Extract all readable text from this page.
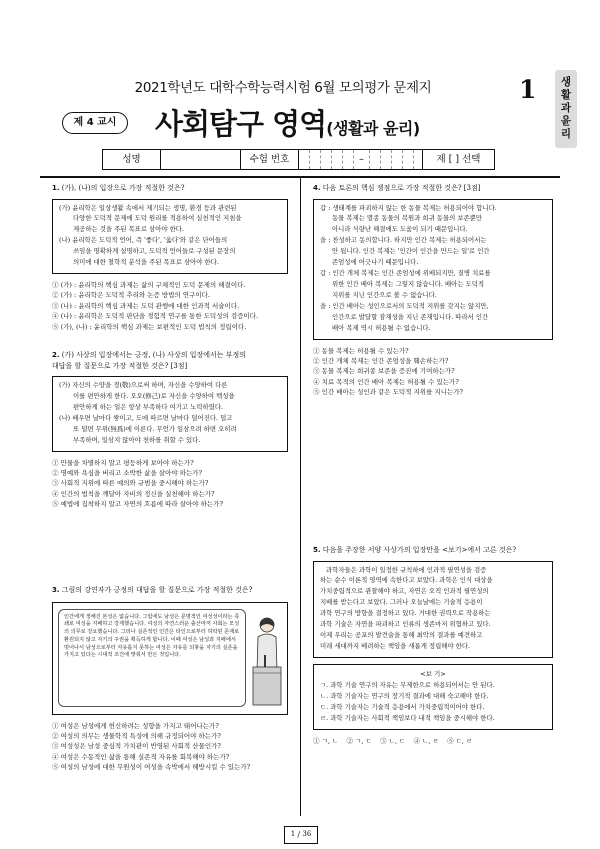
2021학년도 대학수학능력시험 6월 모의평가 문제지	1	생
활
과
윤
리
제 4 교시	사회탐구 영역(생활과 윤리)
성명	수험 번호	–	제 [ ] 선택
1. (가), (나)의 입장으로 가장 적절한 것은?

(가) 윤리학은 일상생활 속에서 제기되는 생명, 환경 등과 관련된

다양한 도덕적 문제에 도덕 원리를 적용하여 실천적인 지침을

제공하는 것을 주된 목표로 삼아야 한다.

(나) 윤리학은 도덕적 언어, 즉 '좋다', '옳다'와 같은 단어들의

쓰임을 명확하게 설명하고, 도덕적 언어들로 구성된 문장의

의미에 대한 철학적 분석을 주된 목표로 삼아야 한다.

① (가) : 윤리학의 핵심 과제는 삶의 구체적인 도덕 문제의 해결이다.
② (가) : 윤리학은 도덕적 추리와 논증 방법의 연구이다.
③ (나) : 윤리학의 핵심 과제는 도덕 관행에 대한 인과적 서술이다.
④ (나) : 윤리학은 도덕적 판단을 경험적 연구를 통한 도덕성의 검증이다.
⑤ (가), (나) : 윤리학의 핵심 과제는 보편적인 도덕 법칙의 정립이다.
2. (가) 사상의 입장에서는 긍정, (나) 사상의 입장에서는 부정의
대답을 할 질문으로 가장 적절한 것은? [3점]

(가) 자신의 수양을 경(敬)으로써 하며, 자신을 수양하여 다른

이를 편안하게 한다. 오오(修己)로 자신을 수양하여 백성을

편안하게 하는 일은 항상 부족하다 여기고 노력하였다.

(나) 배우면 날마다 쌓이고, 도에 따르면 날마다 덜어진다. 덜고

또 덜면 무위(無爲)에 이른다. 무언가 일삼으려 하면 오히려

부족하며, 일삼지 않아야 천하를 취할 수 있다.

① 만물을 차별하지 말고 평등하게 보아야 하는가?
② 명예와 욕심을 버리고 소박한 삶을 살아야 하는가?
③ 사회적 지위에 따른 예의와 규범을 중시해야 하는가?
④ 인간의 법칙을 깨달아 자비의 정신을 실천해야 하는가?
⑤ 예법에 집착하지 말고 자연의 흐름에 따라 살아야 하는가?
3. 그림의 강연자가 긍정의 대답을 할 질문으로 가장 적절한 것은?
인간에게 정해진 본성은 없습니다. 그럼에도 남성은 문명적인 여성성이라는 족쇄로 여성을 지배하고 강제했습니다. 여성의 자연스러운 출산마저 사회는 모성의 의무로 강요했습니다. 그러나 실존적인 인간은 타인으로부터 허락된 존재로 환원되지 않고 자기의 주권을 획득하게 합니다. 이때 여성은 남성과 지배에서 벗어나서 남성으로부터 자유롭지 못하는 여성은 자유를 되찾을 자기의 실존을 가지고 있다는 시대적 조건에 맞춰서 만든 것입니다.
① 여성은 남성에게 헌신하려는 성향을 가지고 태어나는가?
② 여성의 의무는 생물학적 특성에 의해 규정되어야 하는가?
③ 여성성은 남성 중심적 가치관이 반영된 사회적 산물인가?
④ 여성은 수동적인 삶을 통해 실존적 자유를 회복해야 하는가?
⑤ 여성의 남성에 대한 무원성이 여성을 속박에서 해방시킬 수 있는가?
4. 다음 토론의 핵심 쟁점으로 가장 적절한 것은? [3점]

갑 : 생태계를 파괴하지 않는 한 동물 복제는 허용되어야 합니다.

동물 복제는 멸종 동물의 복원과 희귀 동물의 보존뿐만

아니라 식량난 해결에도 도움이 되기 때문입니다.

을 : 찬성하고 동의합니다. 하지만 인간 복제는 허용되어서는

안 됩니다. 인간 복제는 '인간이 인간을 만드는 일'로 인간

존엄성에 어긋나기 때문입니다.

갑 : 인간 개체 복제는 인간 존엄성에 위배되지만, 질병 치료를

위한 인간 배아 복제는 그렇지 않습니다. 배아는 도덕적

지위를 지닌 인간으로 볼 수 없습니다.

을 : 인간 배아는 성인으로서의 도덕적 지위를 갖지는 않지만,

인간으로 발달할 잠재성을 지닌 존재입니다. 따라서 인간

배아 복제 역시 허용될 수 없습니다.

① 동물 복제는 허용될 수 있는가?
② 인간 개체 복제는 인간 존엄성을 훼손하는가?
③ 동물 복제는 희귀종 보존을 증진에 기여하는가?
④ 치료 목적의 인간 배아 복제는 허용될 수 있는가?
⑤ 인간 배아는 성인과 같은 도덕적 지위를 지니는가?
5. 다음을 주장한 서양 사상가의 입장만을 <보기>에서 고른 것은?

과학자들은 과학이 일정한 규칙하에 인과적 필연성을 검증

하는 순수 이론적 영역에 속한다고 보았다. 과학은 인식 대상을

가치중립적으로 관찰해야 하고, 자연은 오직 인과적 필연성의

지배를 받는다고 보았다. 그러나 오늘날에는 기술적 응용이

과학 연구의 방향을 결정하고 있다. 거대한 권력으로 작용하는

과학 기술은 자연을 파괴하고 인류의 생존마저 위협하고 있다.

이제 우리는 공포의 발견술을 통해 최악의 결과를 예견하고

미래 세대까지 배려하는 책임을 새롭게 정립해야 한다.

<보 기>

ㄱ. 과학 기술 연구의 자유는 무제한으로 허용되어서는 안 된다.

ㄴ. 과학 기술자는 연구의 장기적 결과에 대해 숙고해야 한다.

ㄷ. 과학 기술자는 기술적 응용에서 가치중립적이어야 한다.

ㄹ. 과학 기술자는 사회적 책임보다 내적 책임을 중시해야 한다.

① ㄱ, ㄴ    ② ㄱ, ㄷ    ③ ㄴ, ㄷ    ④ ㄴ, ㄹ    ⑤ ㄷ, ㄹ
1
∕
36
